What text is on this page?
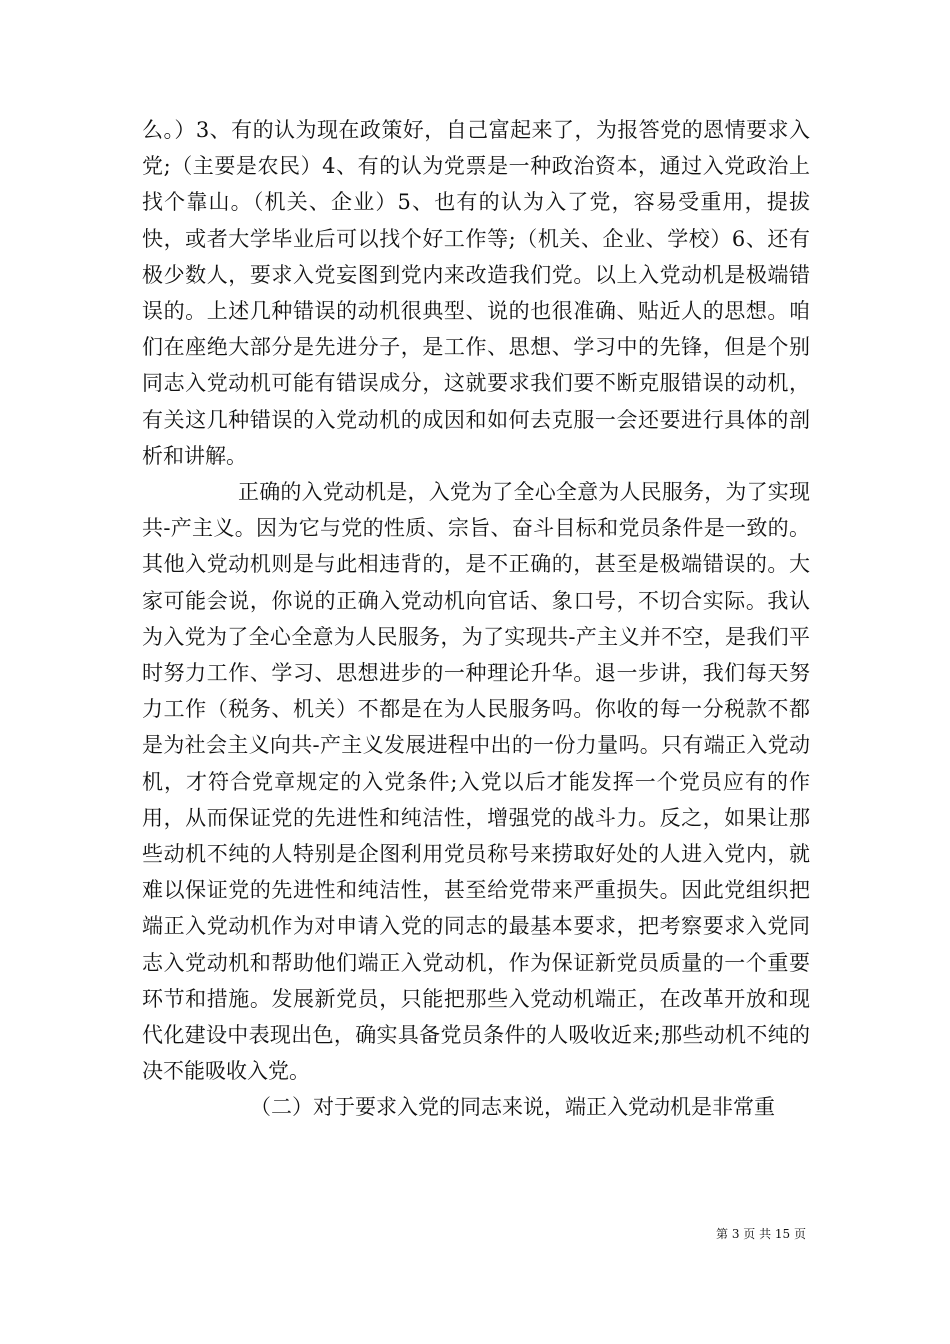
么。）3、有的认为现在政策好，自己富起来了，为报答党的恩情要求入党;（主要是农民）4、有的认为党票是一种政治资本，通过入党政治上找个靠山。（机关、企业）5、也有的认为入了党，容易受重用，提拔快，或者大学毕业后可以找个好工作等;（机关、企业、学校）6、还有极少数人，要求入党妄图到党内来改造我们党。以上入党动机是极端错误的。上述几种错误的动机很典型、说的也很准确、贴近人的思想。咱们在座绝大部分是先进分子，是工作、思想、学习中的先锋，但是个别同志入党动机可能有错误成分，这就要求我们要不断克服错误的动机，有关这几种错误的入党动机的成因和如何去克服一会还要进行具体的剖析和讲解。

正确的入党动机是，入党为了全心全意为人民服务，为了实现共-产主义。因为它与党的性质、宗旨、奋斗目标和党员条件是一致的。其他入党动机则是与此相违背的，是不正确的，甚至是极端错误的。大家可能会说，你说的正确入党动机向官话、象口号，不切合实际。我认为入党为了全心全意为人民服务，为了实现共-产主义并不空，是我们平时努力工作、学习、思想进步的一种理论升华。退一步讲，我们每天努力工作（税务、机关）不都是在为人民服务吗。你收的每一分税款不都是为社会主义向共-产主义发展进程中出的一份力量吗。只有端正入党动机，才符合党章规定的入党条件;入党以后才能发挥一个党员应有的作用，从而保证党的先进性和纯洁性，增强党的战斗力。反之，如果让那些动机不纯的人特别是企图利用党员称号来捞取好处的人进入党内，就难以保证党的先进性和纯洁性，甚至给党带来严重损失。因此党组织把端正入党动机作为对申请入党的同志的最基本要求，把考察要求入党同志入党动机和帮助他们端正入党动机，作为保证新党员质量的一个重要环节和措施。发展新党员，只能把那些入党动机端正，在改革开放和现代化建设中表现出色，确实具备党员条件的人吸收近来;那些动机不纯的决不能吸收入党。

（二）对于要求入党的同志来说，端正入党动机是非常重

第 3 页 共 15 页
